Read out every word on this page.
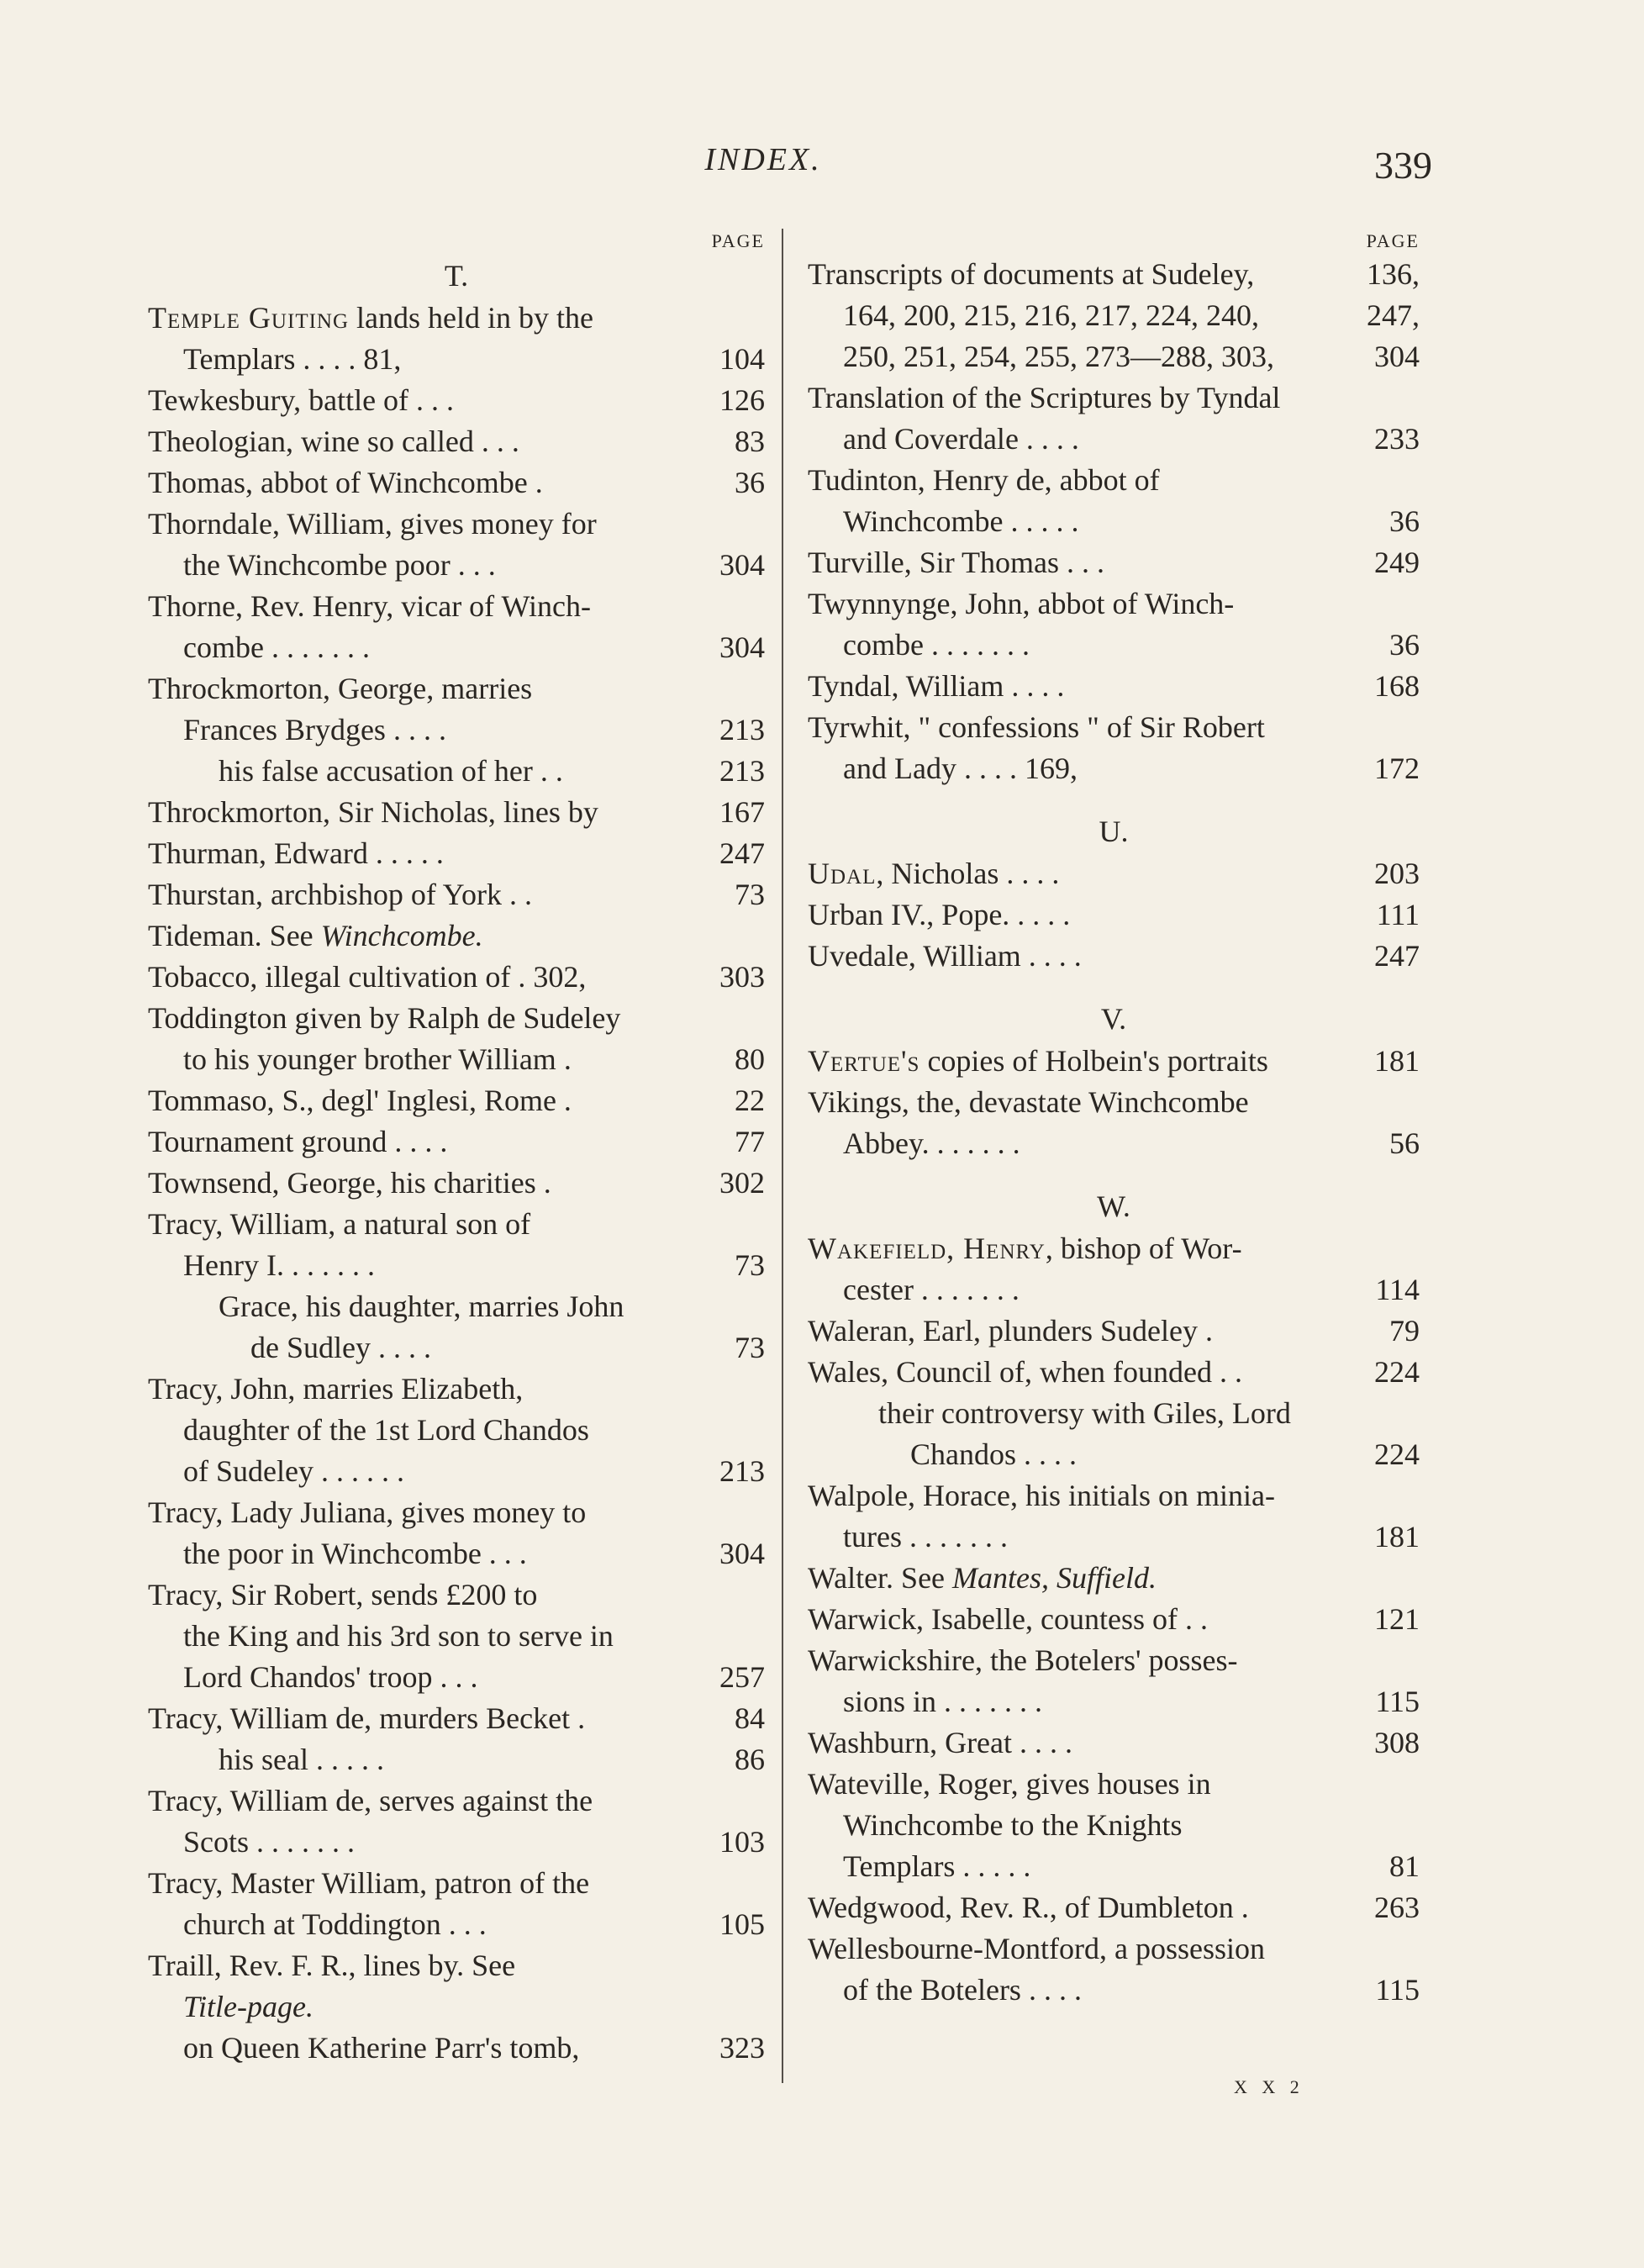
INDEX.	339
PAGE
T.
Temple Guiting lands held in by the
Templars . . . . 81,	104
Tewkesbury, battle of . . .	126
Theologian, wine so called . . .	83
Thomas, abbot of Winchcombe .	36
Thorndale, William, gives money for
the Winchcombe poor . . .	304
Thorne, Rev. Henry, vicar of Winch-
combe . . . . . . .	304
Throckmorton, George, marries
Frances Brydges . . . .	213
his false accusation of her . .	213
Throckmorton, Sir Nicholas, lines by	167
Thurman, Edward . . . . .	247
Thurstan, archbishop of York . .	73
Tideman. See Winchcombe.
Tobacco, illegal cultivation of . 302,	303
Toddington given by Ralph de Sudeley
to his younger brother William .	80
Tommaso, S., degl' Inglesi, Rome .	22
Tournament ground . . . .	77
Townsend, George, his charities .	302
Tracy, William, a natural son of
Henry I. . . . . . .	73
Grace, his daughter, marries John
de Sudley . . . .	73
Tracy, John, marries Elizabeth,
daughter of the 1st Lord Chandos
of Sudeley . . . . . .	213
Tracy, Lady Juliana, gives money to
the poor in Winchcombe . . .	304
Tracy, Sir Robert, sends £200 to
the King and his 3rd son to serve in
Lord Chandos' troop . . .	257
Tracy, William de, murders Becket .	84
his seal . . . . .	86
Tracy, William de, serves against the
Scots . . . . . . .	103
Tracy, Master William, patron of the
church at Toddington . . .	105
Traill, Rev. F. R., lines by. See
Title-page.
on Queen Katherine Parr's tomb,	323
PAGE
Transcripts of documents at Sudeley,	136,
164, 200, 215, 216, 217, 224, 240,	247,
250, 251, 254, 255, 273—288, 303,	304
Translation of the Scriptures by Tyndal
and Coverdale . . . .	233
Tudinton, Henry de, abbot of
Winchcombe . . . . .	36
Turville, Sir Thomas . . .	249
Twynnynge, John, abbot of Winch-
combe . . . . . . .	36
Tyndal, William . . . .	168
Tyrwhit, " confessions " of Sir Robert
and Lady . . . . 169,	172
U.
Udal, Nicholas . . . .	203
Urban IV., Pope. . . . .	111
Uvedale, William . . . .	247
V.
Vertue's copies of Holbein's portraits	181
Vikings, the, devastate Winchcombe
Abbey. . . . . . .	56
W.
Wakefield, Henry, bishop of Wor-
cester . . . . . . .	114
Waleran, Earl, plunders Sudeley .	79
Wales, Council of, when founded . .	224
their controversy with Giles, Lord
Chandos . . . .	224
Walpole, Horace, his initials on minia-
tures . . . . . . .	181
Walter. See Mantes, Suffield.
Warwick, Isabelle, countess of . .	121
Warwickshire, the Botelers' posses-
sions in . . . . . . .	115
Washburn, Great . . . .	308
Wateville, Roger, gives houses in
Winchcombe to the Knights
Templars . . . . .	81
Wedgwood, Rev. R., of Dumbleton .	263
Wellesbourne-Montford, a possession
of the Botelers . . . .	115
X X 2
